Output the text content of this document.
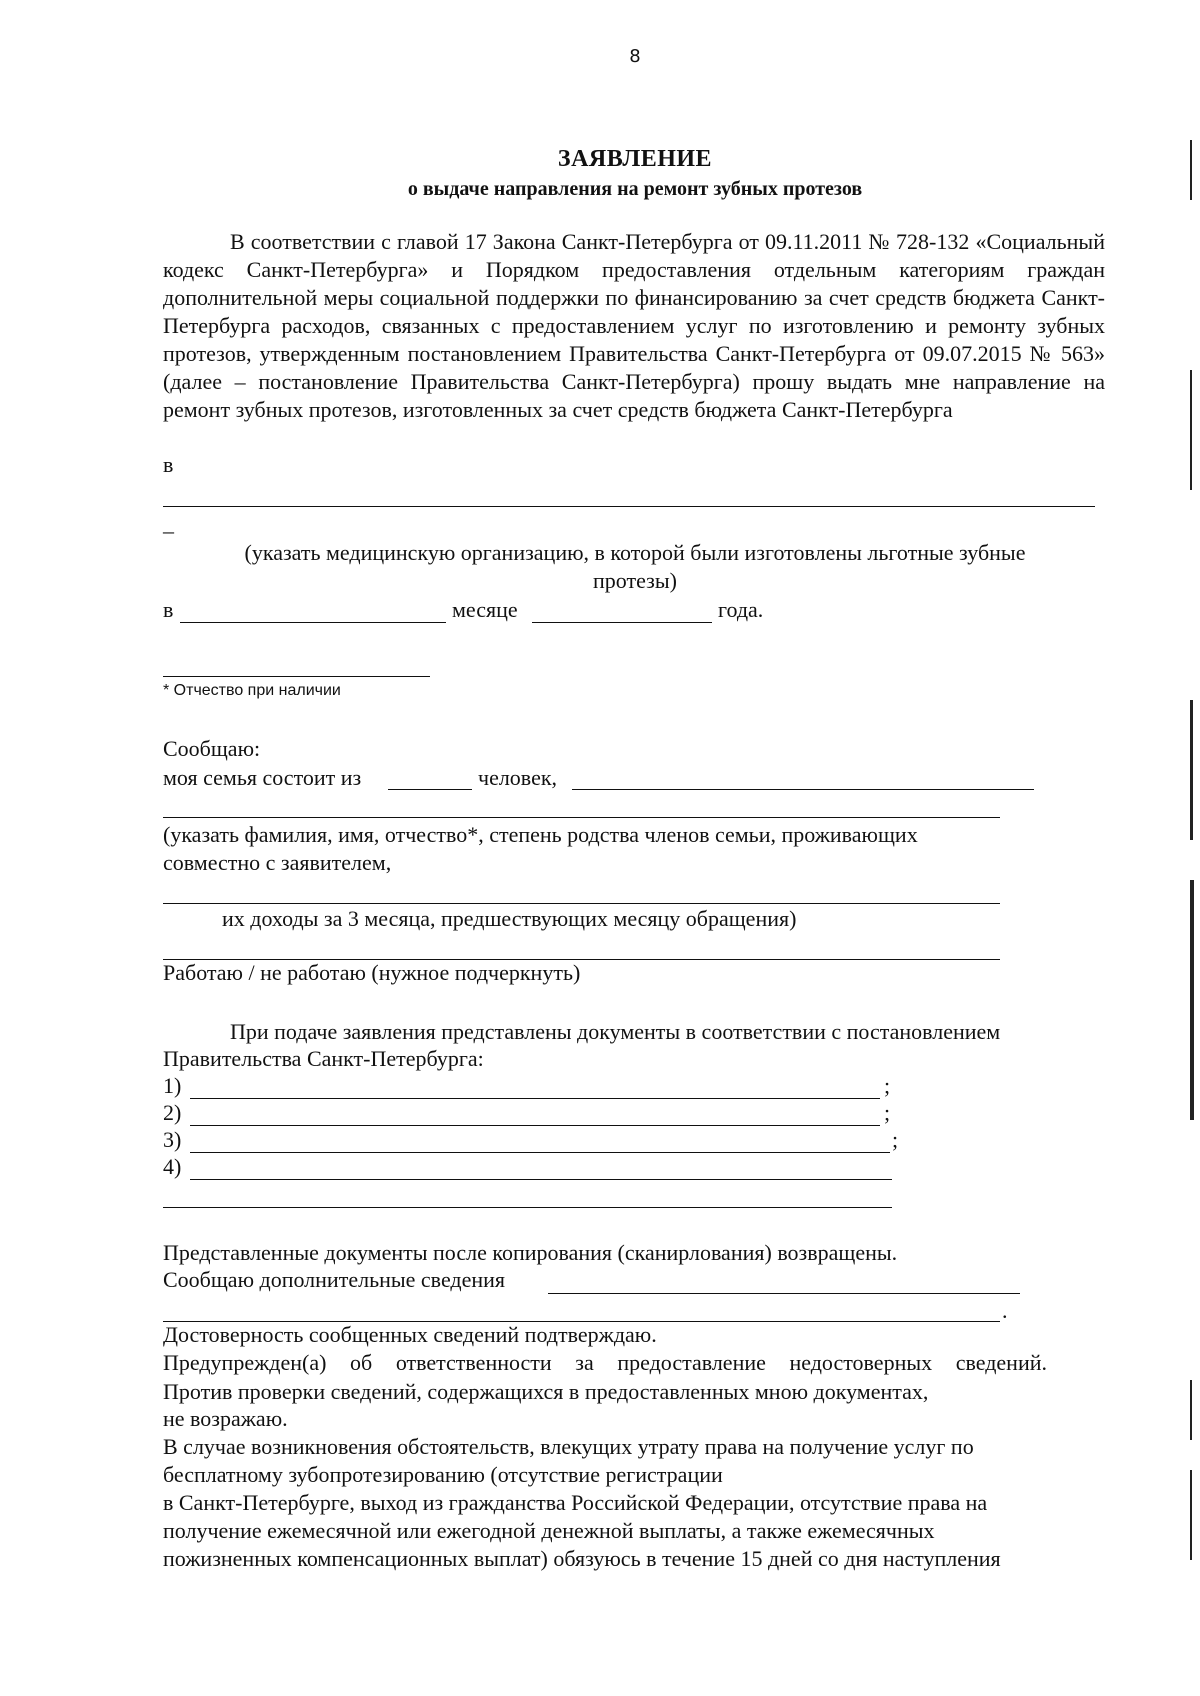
8
ЗАЯВЛЕНИЕ
о выдаче направления на ремонт зубных протезов

В соответствии с главой 17 Закона Санкт-Петербурга от 09.11.2011 № 728-132 «Социальный кодекс Санкт-Петербурга» и Порядком предоставления отдельным категориям граждан дополнительной меры социальной поддержки по финансированию за счет средств бюджета Санкт-Петербурга расходов, связанных с предоставлением услуг по изготовлению и ремонту зубных протезов, утвержденным постановлением Правительства Санкт-Петербурга от 09.07.2015 № 563» (далее – постановление Правительства Санкт-Петербурга) прошу выдать мне направление на ремонт зубных протезов, изготовленных за счет средств бюджета Санкт-Петербурга

в
–
(указать медицинскую организацию, в которой были изготовлены льготные зубные
протезы)
в	месяце	года.
* Отчество при наличии
Сообщаю:
моя семья состоит из	человек,
(указать фамилия, имя, отчество*, степень родства членов семьи, проживающих
совместно с заявителем,
их доходы за 3 месяца, предшествующих месяцу обращения)
Работаю / не работаю (нужное подчеркнуть)
При подаче заявления представлены документы в соответствии с постановлением
Правительства Санкт-Петербурга:
1)	;
2)	;
3)	;
4)
Представленные документы после копирования (сканирлования) возвращены.
Сообщаю дополнительные сведения
.
Достоверность сообщенных сведений подтверждаю.
Предупрежден(а) об ответственности за предоставление недостоверных сведений.
Против проверки сведений, содержащихся в предоставленных мною документах,
не возражаю.
В случае возникновения обстоятельств, влекущих утрату права на получение услуг по
бесплатному зубопротезированию (отсутствие регистрации
в Санкт-Петербурге, выход из гражданства Российской Федерации, отсутствие права на
получение ежемесячной или ежегодной денежной выплаты, а также ежемесячных
пожизненных компенсационных выплат) обязуюсь в течение 15 дней со дня наступления
